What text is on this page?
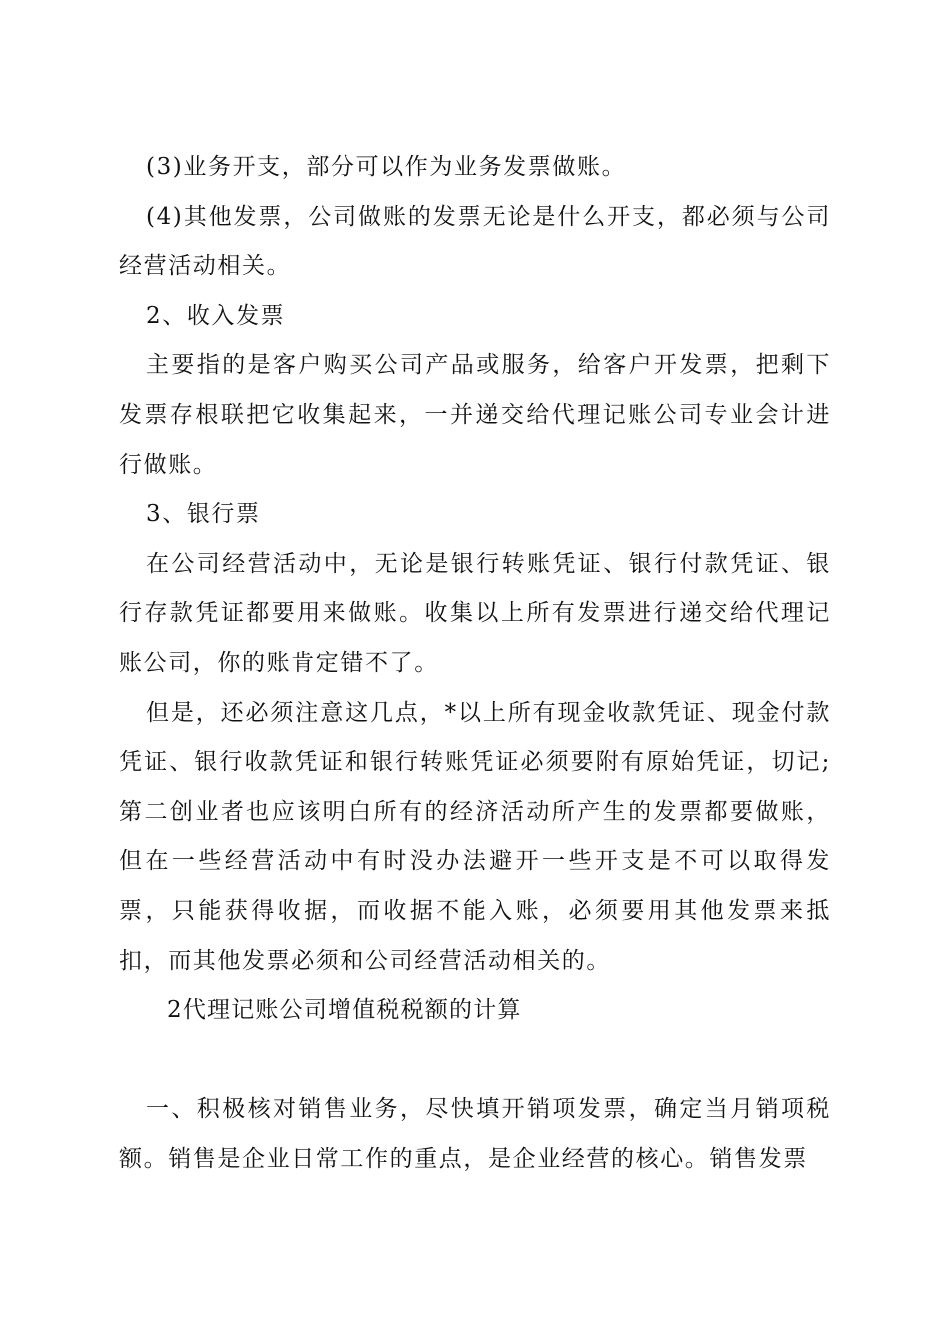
(3)业务开支，部分可以作为业务发票做账。

(4)其他发票，公司做账的发票无论是什么开支，都必须与公司经营活动相关。

2、收入发票

主要指的是客户购买公司产品或服务，给客户开发票，把剩下发票存根联把它收集起来，一并递交给代理记账公司专业会计进行做账。

3、银行票

在公司经营活动中，无论是银行转账凭证、银行付款凭证、银行存款凭证都要用来做账。收集以上所有发票进行递交给代理记账公司，你的账肯定错不了。

但是，还必须注意这几点，*以上所有现金收款凭证、现金付款凭证、银行收款凭证和银行转账凭证必须要附有原始凭证，切记;第二创业者也应该明白所有的经济活动所产生的发票都要做账，但在一些经营活动中有时没办法避开一些开支是不可以取得发票，只能获得收据，而收据不能入账，必须要用其他发票来抵扣，而其他发票必须和公司经营活动相关的。

2代理记账公司增值税税额的计算

一、积极核对销售业务，尽快填开销项发票，确定当月销项税额。销售是企业日常工作的重点，是企业经营的核心。销售发票
